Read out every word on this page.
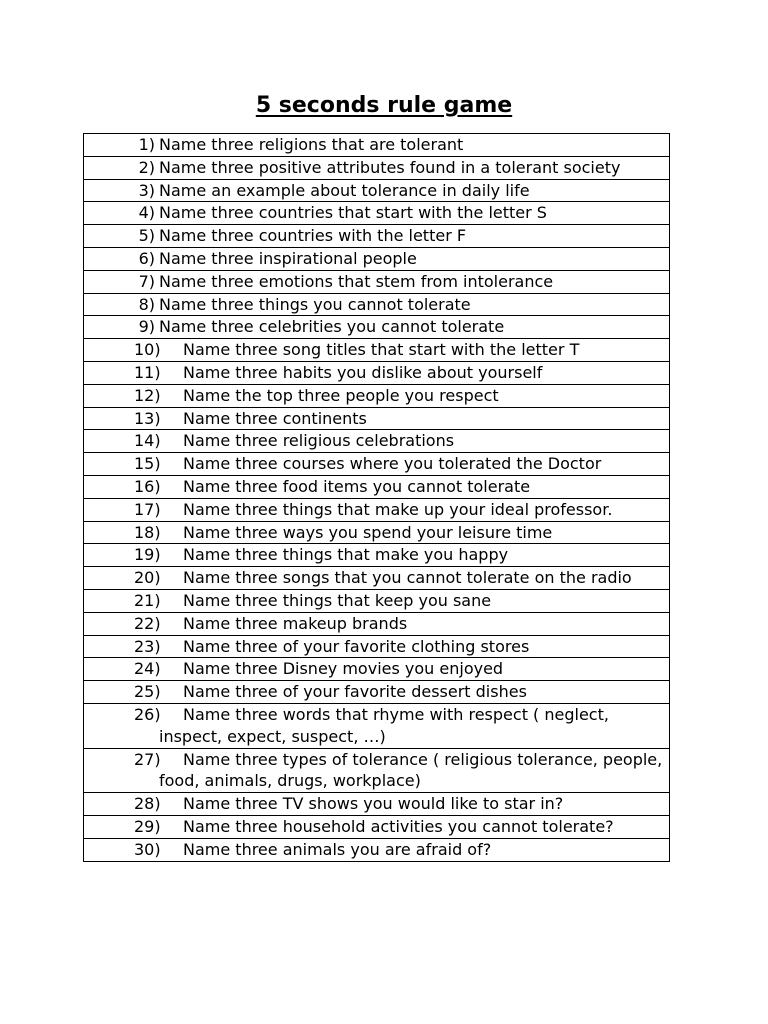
5 seconds rule game
1) Name three religions that are tolerant

2) Name three positive attributes found in a tolerant society

3) Name an example about tolerance in daily life

4) Name three countries that start with the letter S

5) Name three countries with the letter F

6) Name three inspirational people

7) Name three emotions that stem from intolerance

8) Name three things you cannot tolerate

9) Name three celebrities you cannot tolerate

10)	Name three song titles that start with the letter T

11)	Name three habits you dislike about yourself

12)	Name the top three people you respect

13)	Name three continents

14)	Name three religious celebrations

15)	Name three courses where you tolerated the Doctor

16)	Name three food items you cannot tolerate

17)	Name three things that make up your ideal professor.

18)	Name three ways you spend your leisure time

19)	Name three things that make you happy

20)	Name three songs that you cannot tolerate on the radio

21)	Name three things that keep you sane

22)	Name three makeup brands

23)	Name three of your favorite clothing stores

24)	Name three Disney movies you enjoyed

25)	Name three of your favorite dessert dishes

26)	Name three words that rhyme with respect ( neglect, inspect, expect, suspect, …)

27)	Name three types of tolerance ( religious tolerance, people, food, animals, drugs, workplace)

28)	Name three TV shows you would like to star in?

29)	Name three household activities you cannot tolerate?

30)	Name three animals you are afraid of?
